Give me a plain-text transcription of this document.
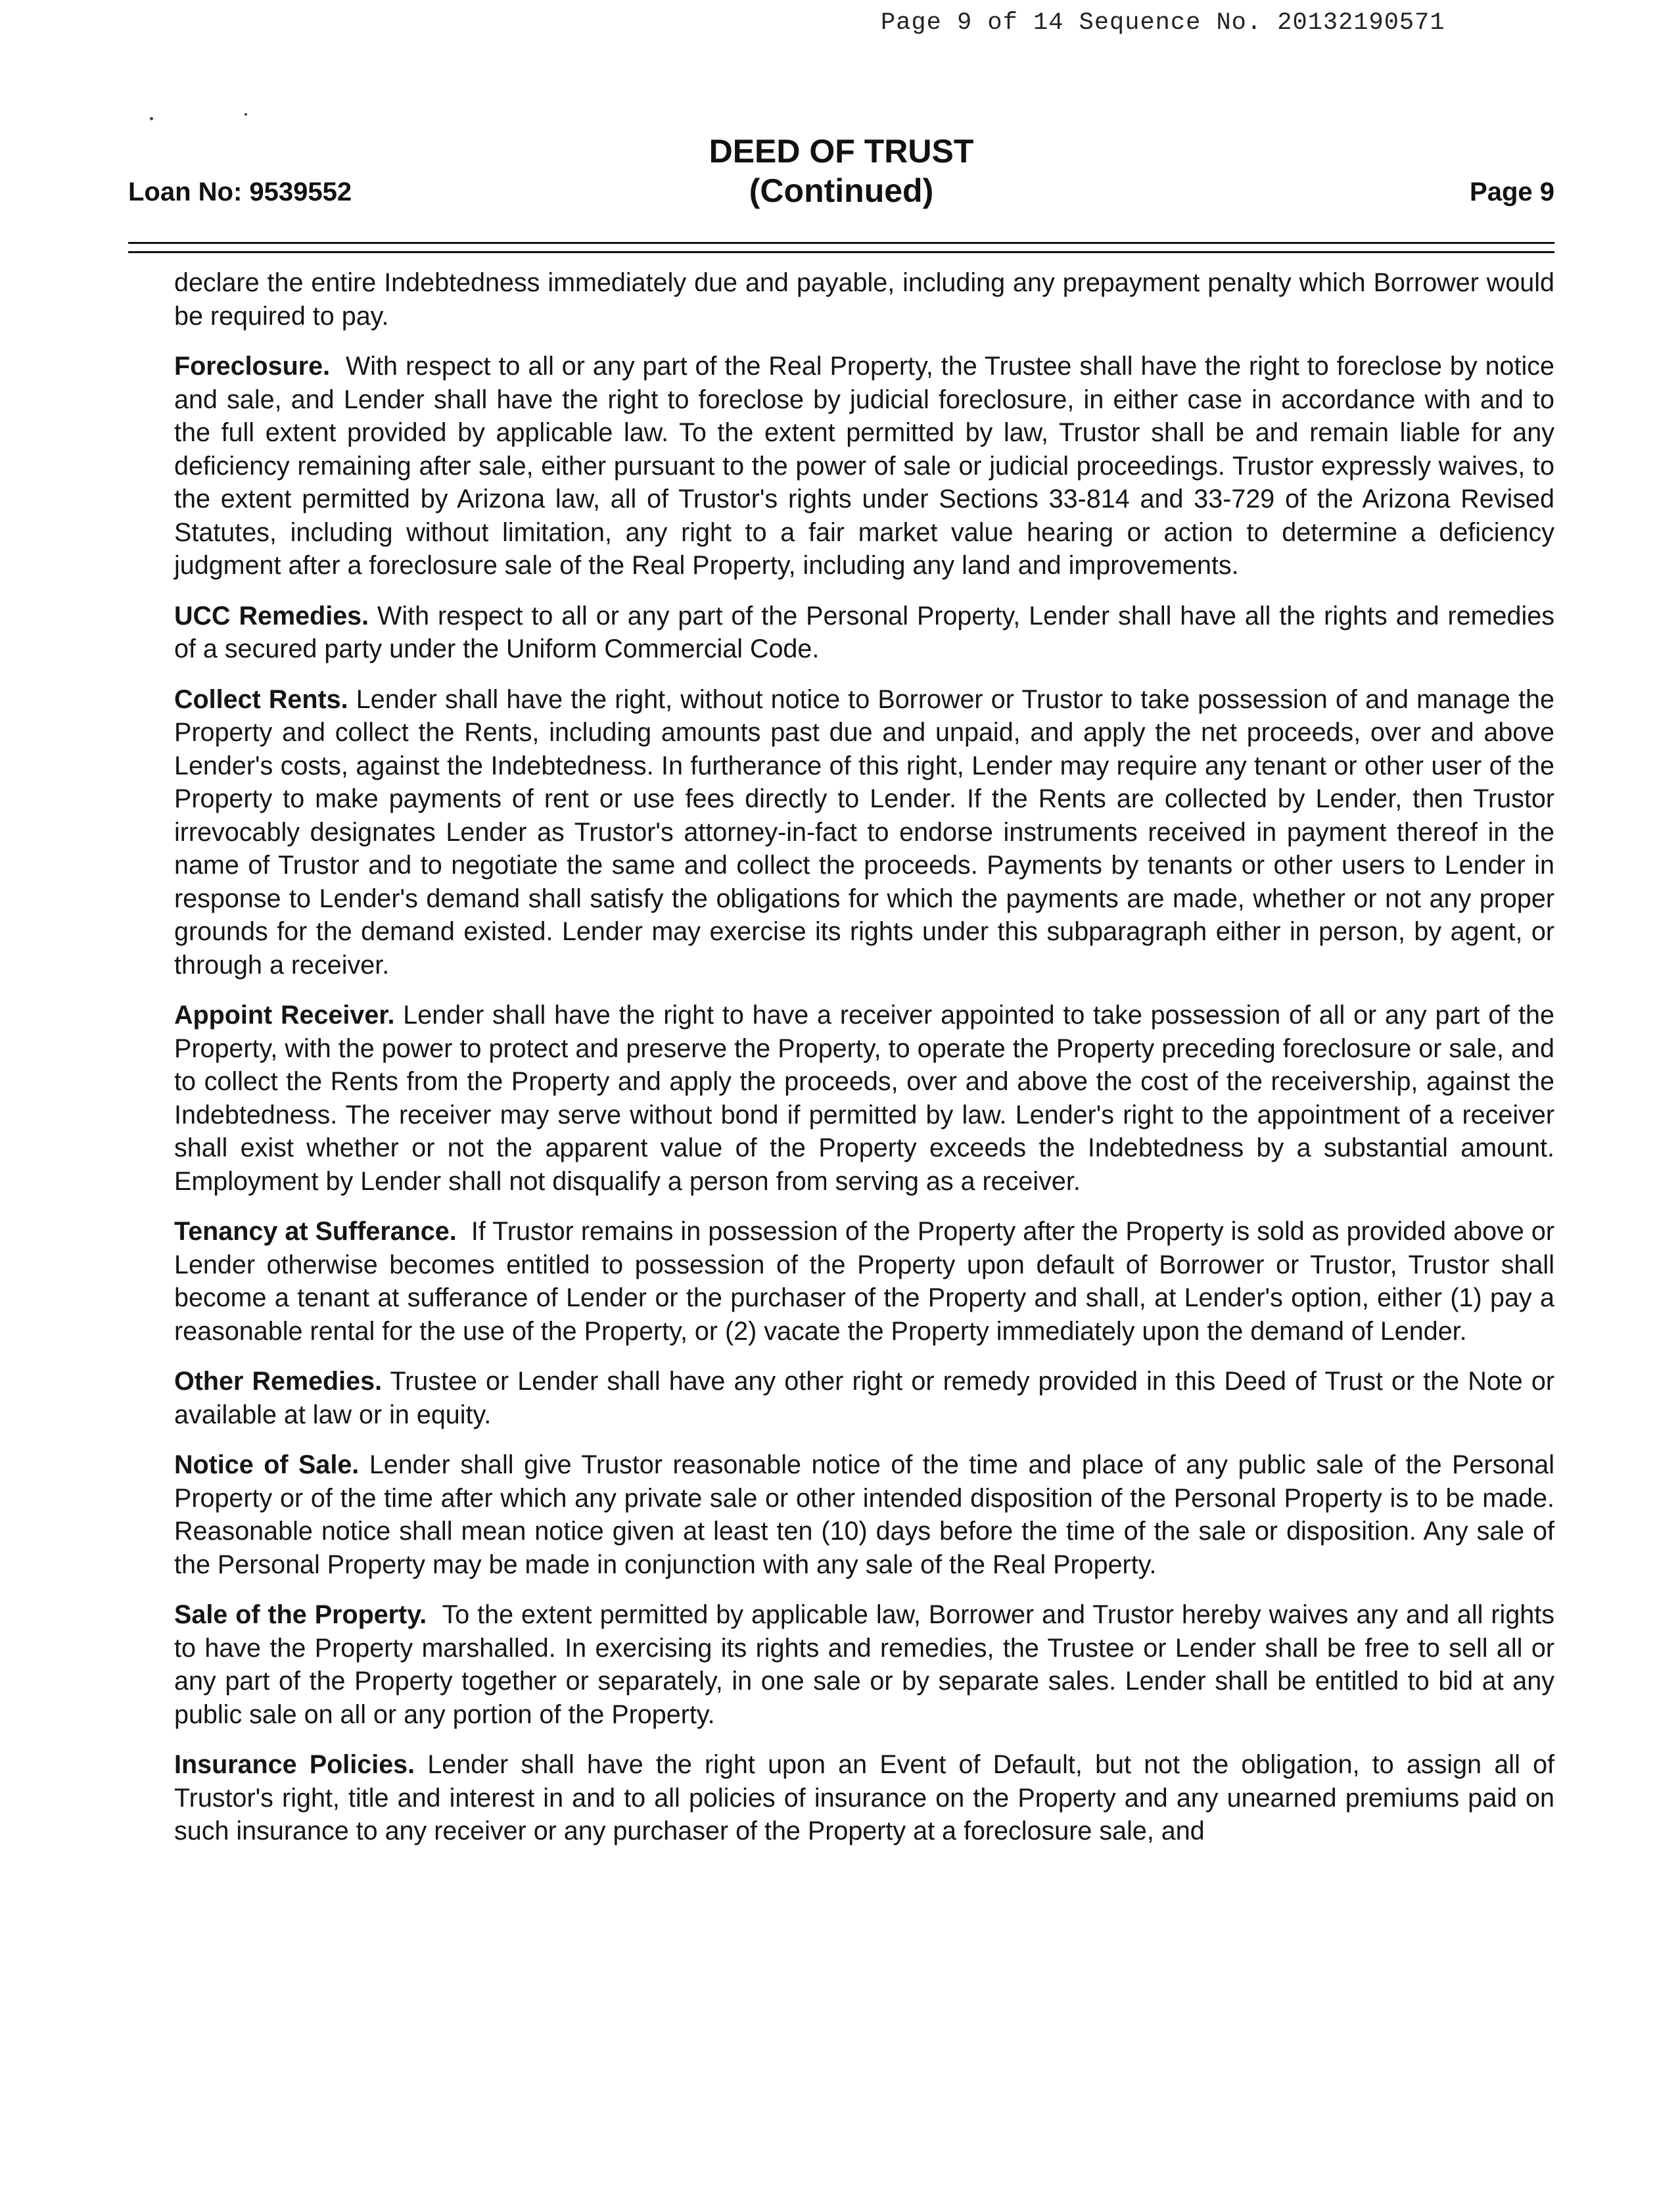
Page 9 of 14 Sequence No. 20132190571
Loan No: 9539552
DEED OF TRUST
(Continued)	Page 9

declare the entire Indebtedness immediately due and payable, including any prepayment penalty which Borrower would be required to pay.

Foreclosure. With respect to all or any part of the Real Property, the Trustee shall have the right to foreclose by notice and sale, and Lender shall have the right to foreclose by judicial foreclosure, in either case in accordance with and to the full extent provided by applicable law. To the extent permitted by law, Trustor shall be and remain liable for any deficiency remaining after sale, either pursuant to the power of sale or judicial proceedings. Trustor expressly waives, to the extent permitted by Arizona law, all of Trustor's rights under Sections 33-814 and 33-729 of the Arizona Revised Statutes, including without limitation, any right to a fair market value hearing or action to determine a deficiency judgment after a foreclosure sale of the Real Property, including any land and improvements.

UCC Remedies. With respect to all or any part of the Personal Property, Lender shall have all the rights and remedies of a secured party under the Uniform Commercial Code.

Collect Rents. Lender shall have the right, without notice to Borrower or Trustor to take possession of and manage the Property and collect the Rents, including amounts past due and unpaid, and apply the net proceeds, over and above Lender's costs, against the Indebtedness. In furtherance of this right, Lender may require any tenant or other user of the Property to make payments of rent or use fees directly to Lender. If the Rents are collected by Lender, then Trustor irrevocably designates Lender as Trustor's attorney-in-fact to endorse instruments received in payment thereof in the name of Trustor and to negotiate the same and collect the proceeds. Payments by tenants or other users to Lender in response to Lender's demand shall satisfy the obligations for which the payments are made, whether or not any proper grounds for the demand existed. Lender may exercise its rights under this subparagraph either in person, by agent, or through a receiver.

Appoint Receiver. Lender shall have the right to have a receiver appointed to take possession of all or any part of the Property, with the power to protect and preserve the Property, to operate the Property preceding foreclosure or sale, and to collect the Rents from the Property and apply the proceeds, over and above the cost of the receivership, against the Indebtedness. The receiver may serve without bond if permitted by law. Lender's right to the appointment of a receiver shall exist whether or not the apparent value of the Property exceeds the Indebtedness by a substantial amount. Employment by Lender shall not disqualify a person from serving as a receiver.

Tenancy at Sufferance. If Trustor remains in possession of the Property after the Property is sold as provided above or Lender otherwise becomes entitled to possession of the Property upon default of Borrower or Trustor, Trustor shall become a tenant at sufferance of Lender or the purchaser of the Property and shall, at Lender's option, either (1) pay a reasonable rental for the use of the Property, or (2) vacate the Property immediately upon the demand of Lender.

Other Remedies. Trustee or Lender shall have any other right or remedy provided in this Deed of Trust or the Note or available at law or in equity.

Notice of Sale. Lender shall give Trustor reasonable notice of the time and place of any public sale of the Personal Property or of the time after which any private sale or other intended disposition of the Personal Property is to be made. Reasonable notice shall mean notice given at least ten (10) days before the time of the sale or disposition. Any sale of the Personal Property may be made in conjunction with any sale of the Real Property.

Sale of the Property. To the extent permitted by applicable law, Borrower and Trustor hereby waives any and all rights to have the Property marshalled. In exercising its rights and remedies, the Trustee or Lender shall be free to sell all or any part of the Property together or separately, in one sale or by separate sales. Lender shall be entitled to bid at any public sale on all or any portion of the Property.

Insurance Policies. Lender shall have the right upon an Event of Default, but not the obligation, to assign all of Trustor's right, title and interest in and to all policies of insurance on the Property and any unearned premiums paid on such insurance to any receiver or any purchaser of the Property at a foreclosure sale, and
